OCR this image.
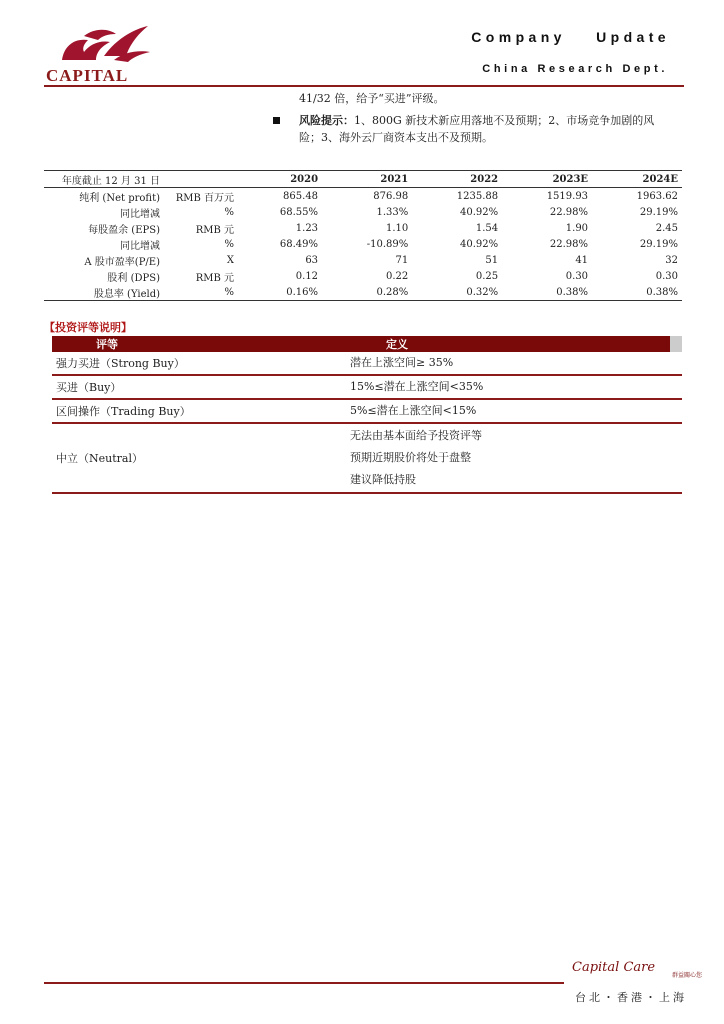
CAPITAL
Company Update
China Research Dept.
41/32 倍，给予“买进”评级。
风险提示：1、800G 新技术新应用落地不及预期；2、市场竞争加剧的风
险；3、海外云厂商资本支出不及预期。
年度截止 12 月 31 日		2020	2021	2022	2023E	2024E
纯利 (Net profit)	RMB 百万元	865.48	876.98	1235.88	1519.93	1963.62
同比增减	%	68.55%	1.33%	40.92%	22.98%	29.19%
每股盈余 (EPS)	RMB 元	1.23	1.10	1.54	1.90	2.45
同比增减	%	68.49%	-10.89%	40.92%	22.98%	29.19%
A 股市盈率(P/E)	X	63	71	51	41	32
股利 (DPS)	RMB 元	0.12	0.22	0.25	0.30	0.30
股息率 (Yield)	%	0.16%	0.28%	0.32%	0.38%	0.38%
【投资评等说明】
评等	定义	
强力买进（Strong Buy）	潜在上涨空间≥ 35%	

买进（Buy）	15%≤潜在上涨空间<35%	

区间操作（Trading Buy）	5%≤潜在上涨空间<15%	

中立（Neutral）	无法由基本面给予投资评等
预期近期股价将处于盘整
建议降低持股	
Capital Care
群益關心您
台北・香港・上海
